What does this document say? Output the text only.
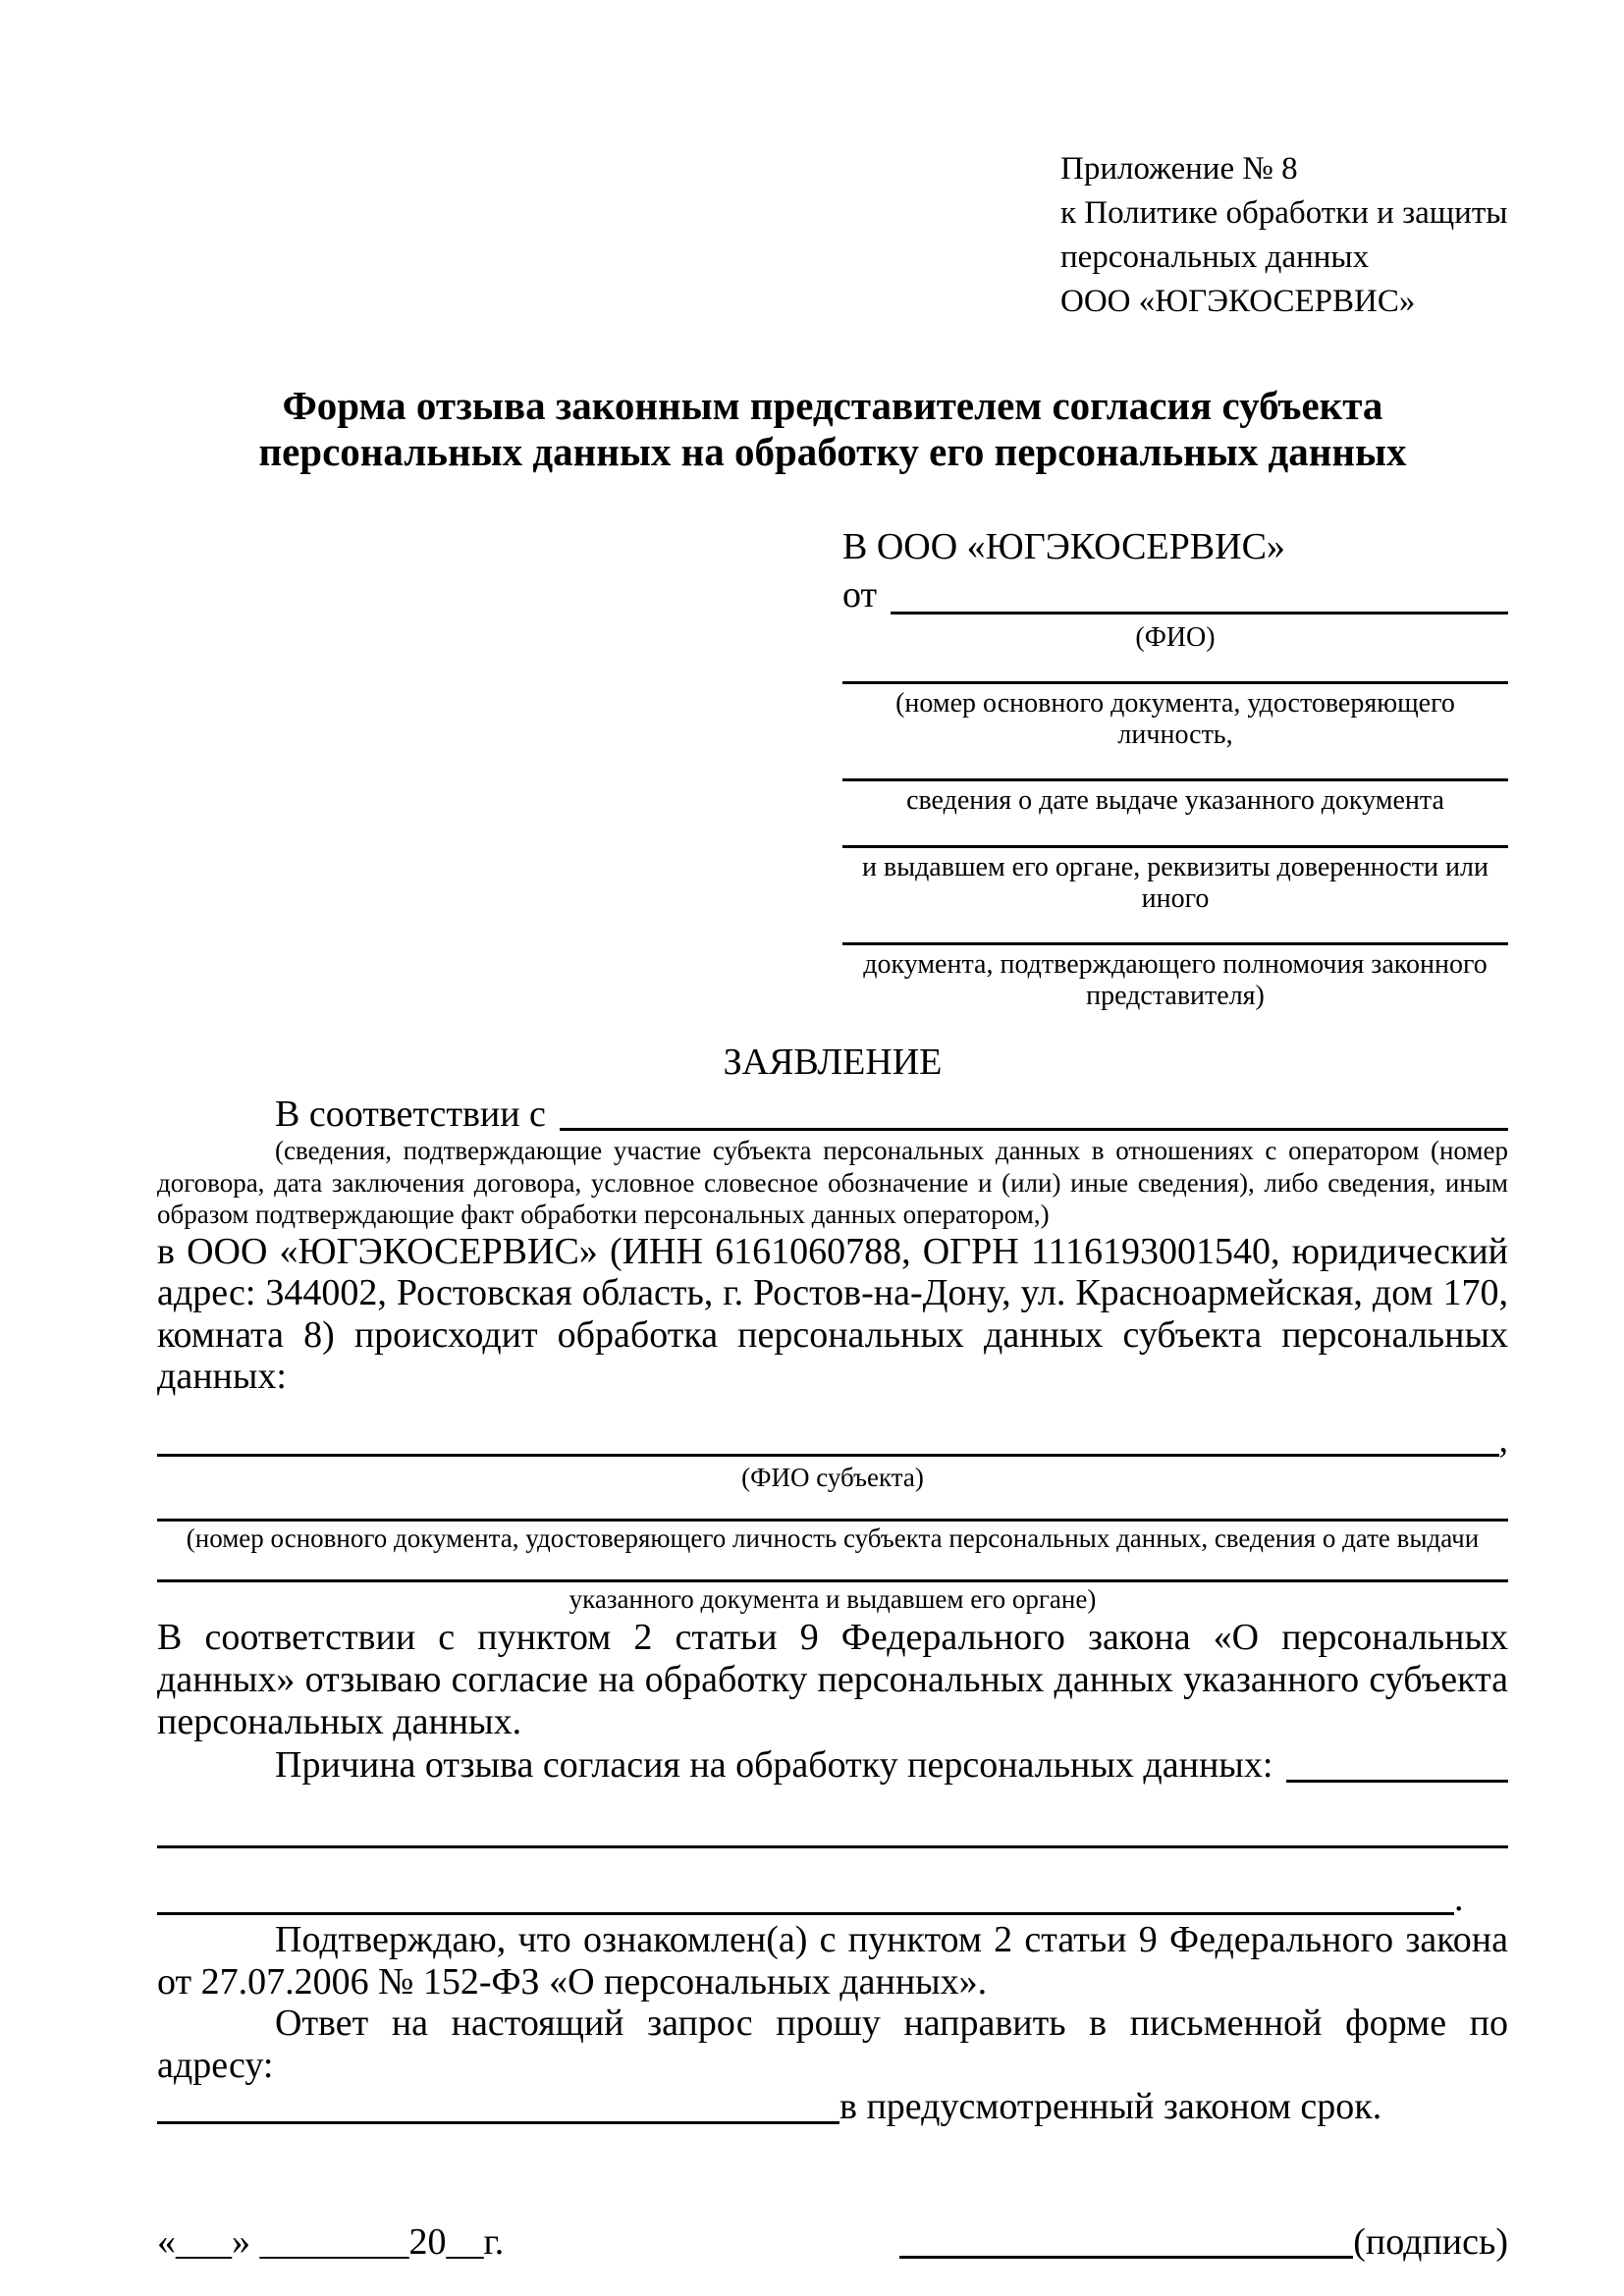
Приложение № 8
к Политике обработки и защиты
персональных данных
ООО «ЮГЭКОСЕРВИС»
Форма отзыва законным представителем согласия субъекта персональных данных на обработку его персональных данных
В ООО «ЮГЭКОСЕРВИС»
от
(ФИО)
(номер основного документа, удостоверяющего личность,
сведения о дате выдаче указанного документа
и выдавшем его органе, реквизиты доверенности или иного
документа, подтверждающего полномочия законного представителя)
ЗАЯВЛЕНИЕ
В соответствии с
(сведения, подтверждающие участие субъекта персональных данных в отношениях с оператором (номер договора, дата заключения договора, условное словесное обозначение и (или) иные сведения), либо сведения, иным образом подтверждающие факт обработки персональных данных оператором,)

в ООО «ЮГЭКОСЕРВИС» (ИНН 6161060788, ОГРН 1116193001540, юридический адрес: 344002, Ростовская область, г. Ростов-на-Дону, ул. Красноармейская, дом 170, комната 8) происходит обработка персональных данных субъекта персональных данных:

,
(ФИО субъекта)
(номер основного документа, удостоверяющего личность субъекта персональных данных, сведения о дате выдачи
указанного документа и выдавшем его органе)

В соответствии с пунктом 2 статьи 9 Федерального закона «О персональных данных» отзываю согласие на обработку персональных данных указанного субъекта персональных данных.

Причина отзыва согласия на обработку персональных данных:
.

Подтверждаю, что ознакомлен(а) с пунктом 2 статьи 9 Федерального закона от 27.07.2006 № 152-ФЗ «О персональных данных».

Ответ на настоящий запрос прошу направить в письменной форме по адресу:

в предусмотренный законом срок.
«___» ________20__г.	(подпись)
